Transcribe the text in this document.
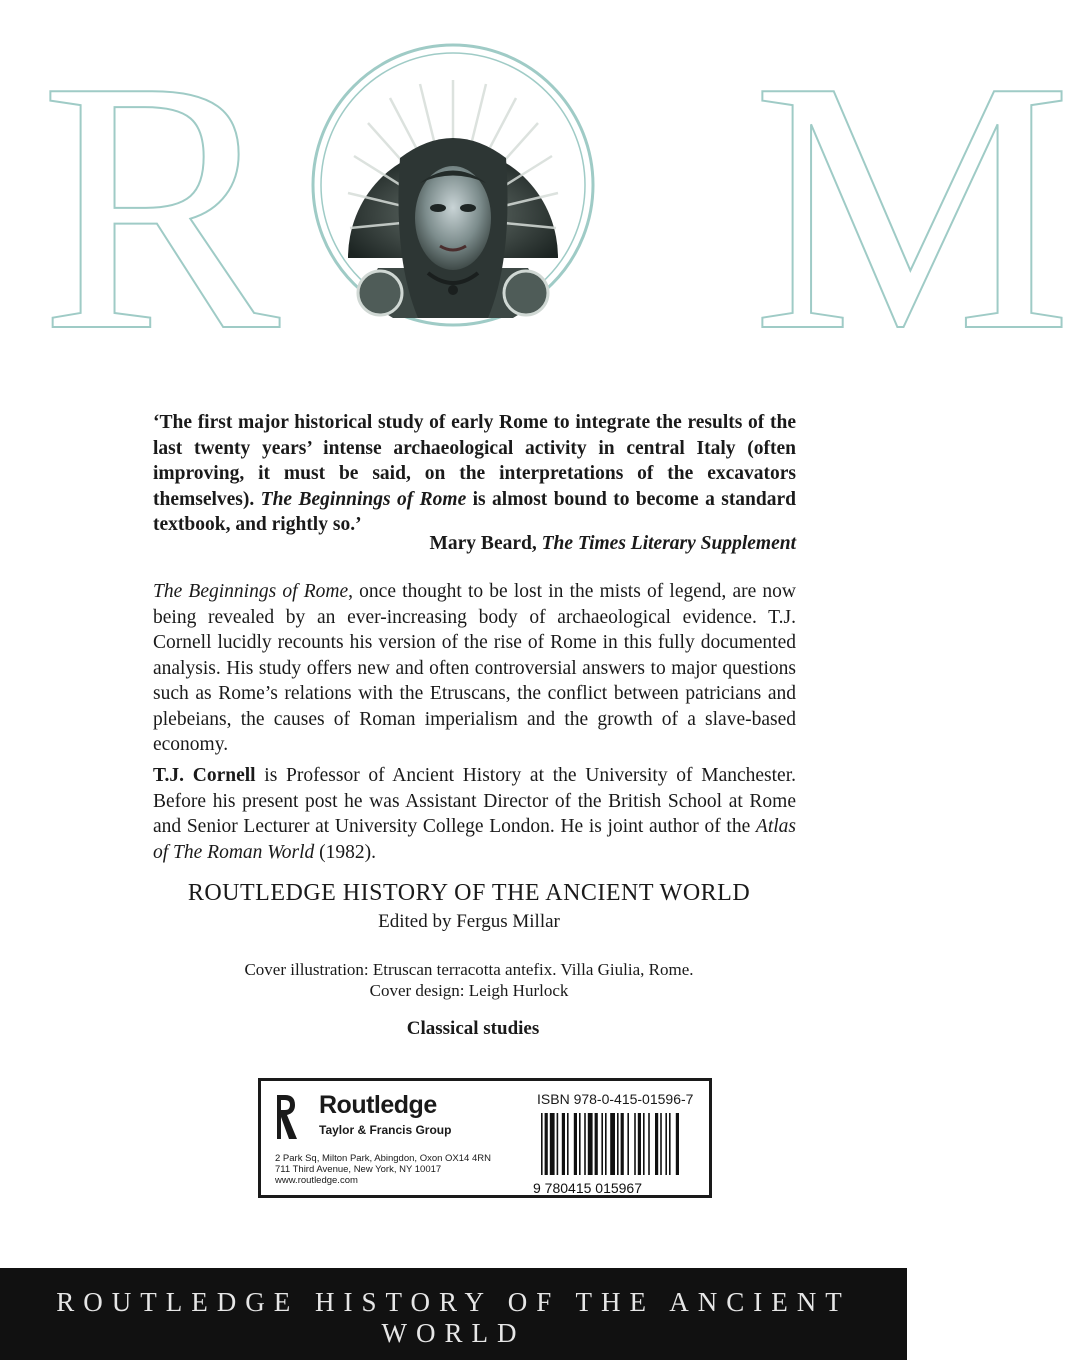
R M
‘The first major historical study of early Rome to integrate the results of the last twenty years’ intense archaeological activity in central Italy (often improving, it must be said, on the interpretations of the excavators themselves). The Beginnings of Rome is almost bound to become a standard textbook, and rightly so.’
Mary Beard, The Times Literary Supplement
The Beginnings of Rome, once thought to be lost in the mists of legend, are now being revealed by an ever-increasing body of archaeological evidence. T.J. Cornell lucidly recounts his version of the rise of Rome in this fully documented analysis. His study offers new and often controversial answers to major questions such as Rome’s relations with the Etruscans, the conflict between patricians and plebeians, the causes of Roman imperialism and the growth of a slave-based economy.
T.J. Cornell is Professor of Ancient History at the University of Manchester. Before his present post he was Assistant Director of the British School at Rome and Senior Lecturer at University College London. He is joint author of the Atlas of The Roman World (1982).
ROUTLEDGE HISTORY OF THE ANCIENT WORLD
Edited by Fergus Millar
Cover illustration: Etruscan terracotta antefix. Villa Giulia, Rome.
Cover design: Leigh Hurlock
Classical studies
Routledge
Taylor & Francis Group
2 Park Sq, Milton Park, Abingdon, Oxon OX14 4RN
711 Third Avenue, New York, NY 10017
www.routledge.com
ISBN 978-0-415-01596-7
9 780415 015967
ROUTLEDGE HISTORY OF THE ANCIENT WORLD
